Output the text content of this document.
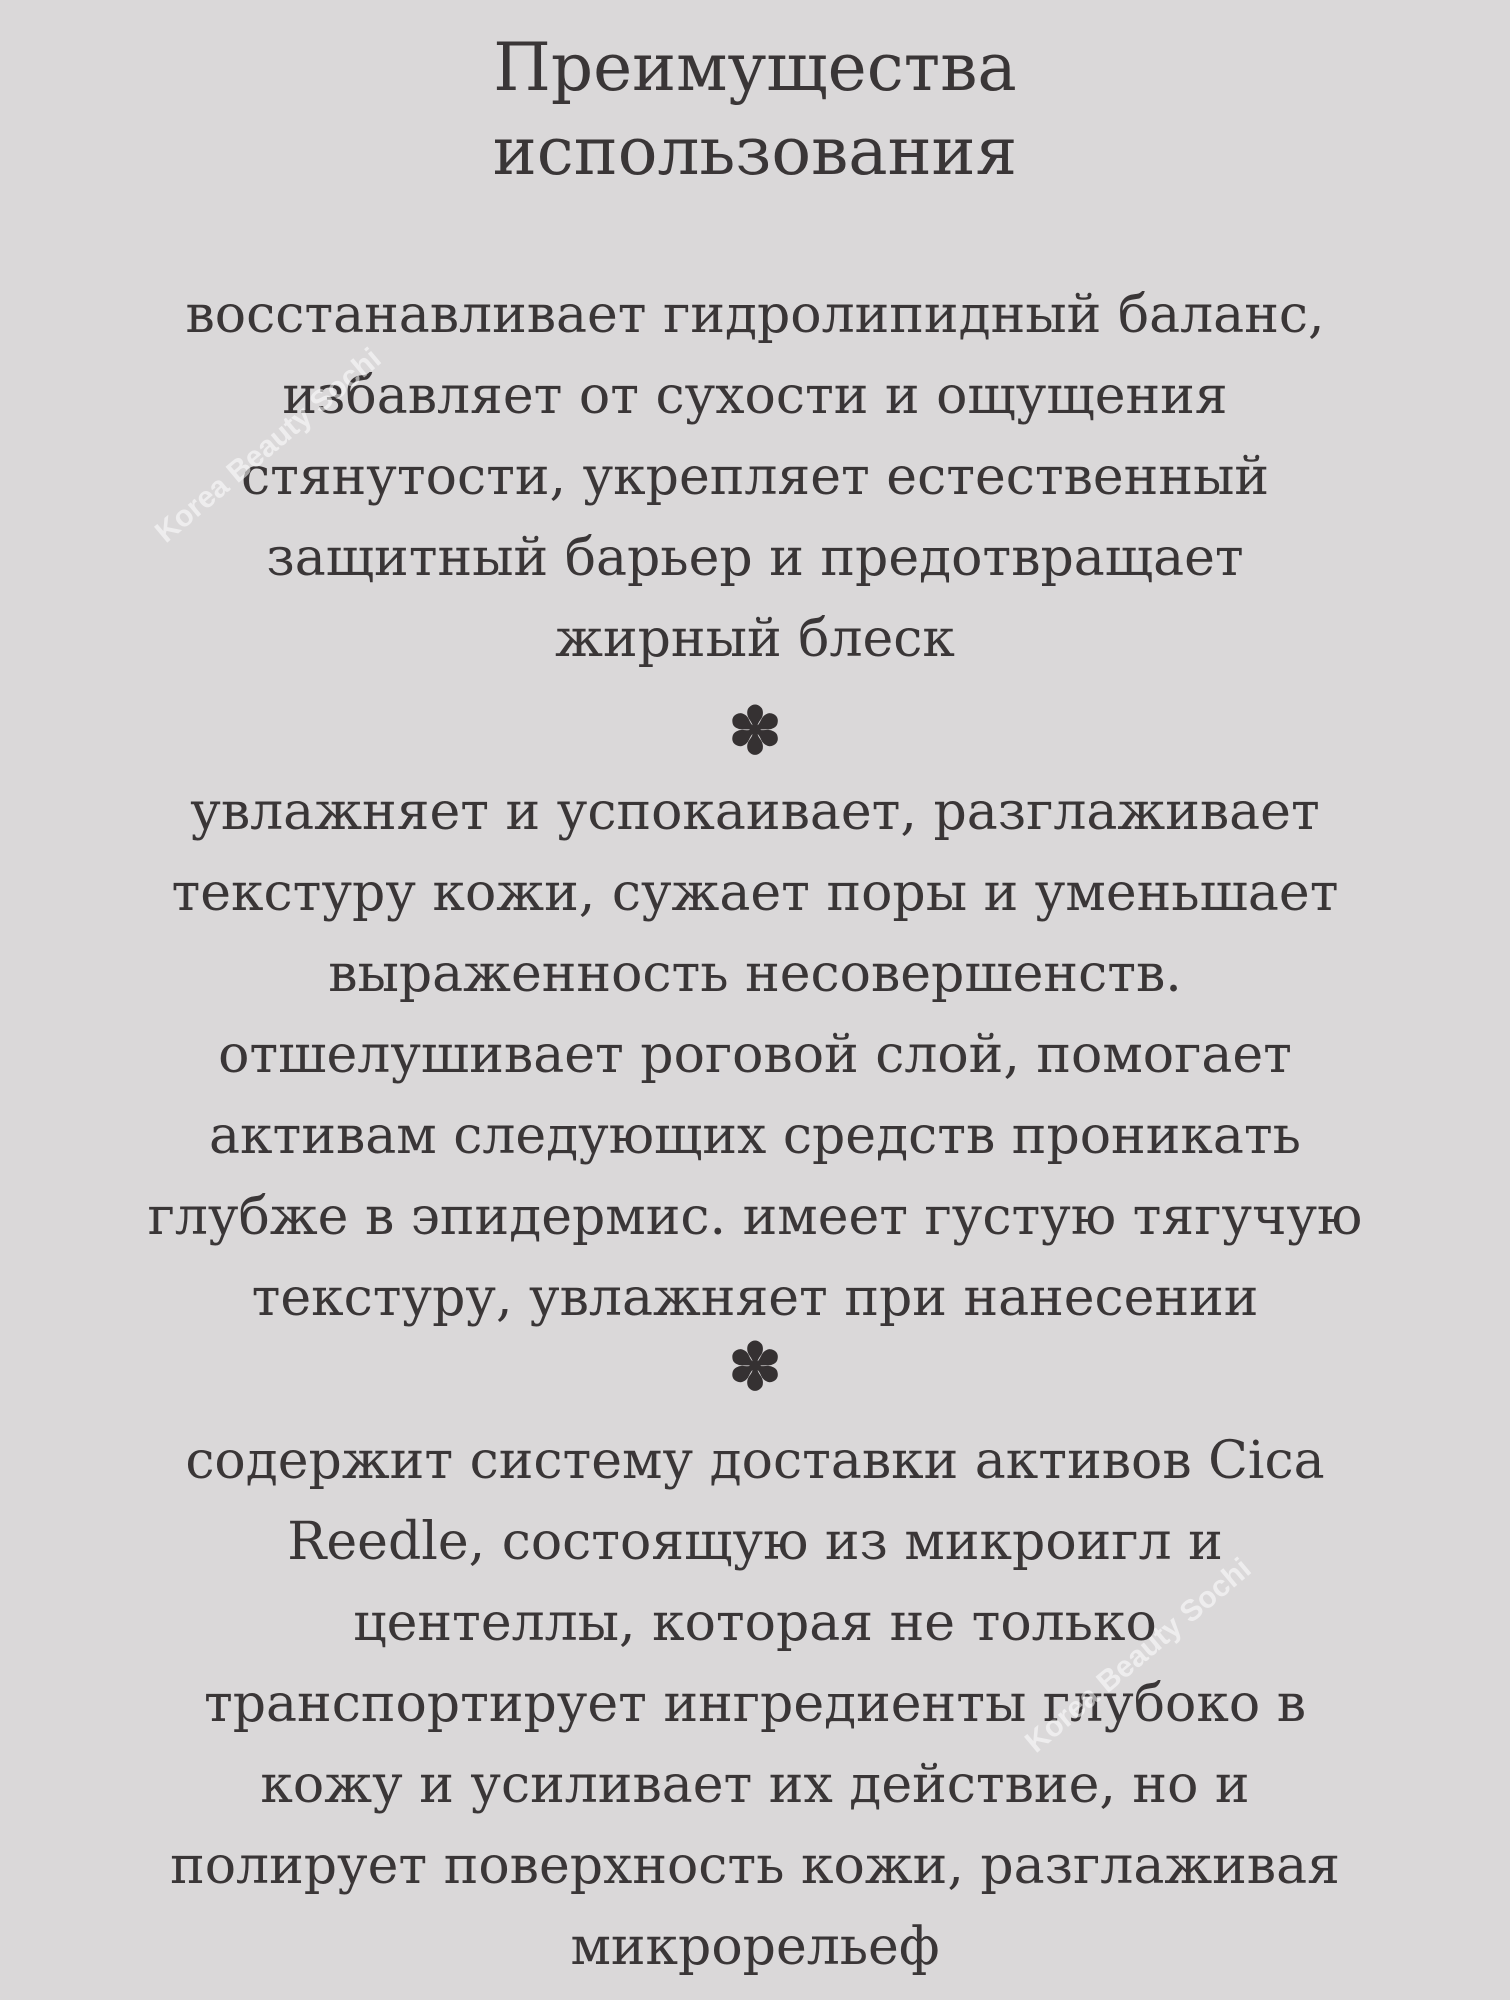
Преимущества
использования

восстанавливает гидролипидный баланс,
избавляет от сухости и ощущения
стянутости, укрепляет естественный
защитный барьер и предотвращает
жирный блеск

✽

увлажняет и успокаивает, разглаживает
текстуру кожи, сужает поры и уменьшает
выраженность несовершенств.
отшелушивает роговой слой, помогает
активам следующих средств проникать
глубже в эпидермис. имеет густую тягучую
текстуру, увлажняет при нанесении

✽

содержит систему доставки активов Cica
Reedle, состоящую из микроигл и
центеллы, которая не только
транспортирует ингредиенты глубоко в
кожу и усиливает их действие, но и
полирует поверхность кожи, разглаживая
микрорельеф

Korea Beauty Sochi
Korea Beauty Sochi
